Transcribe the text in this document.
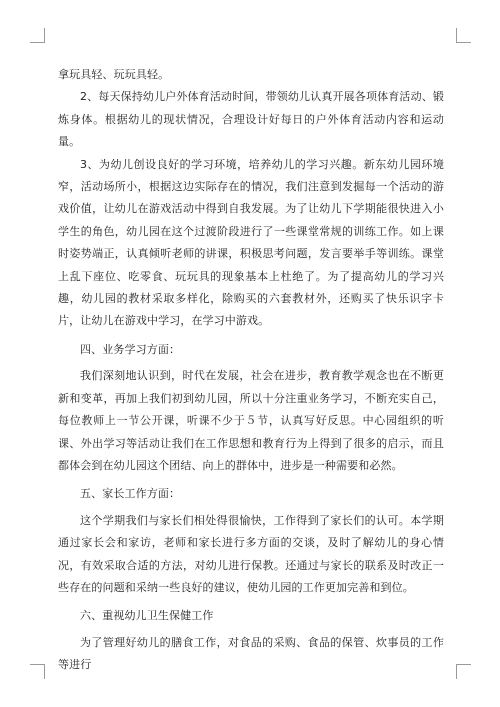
拿玩具轻、玩玩具轻。

2、每天保持幼儿户外体育活动时间，带领幼儿认真开展各项体育活动、锻炼身体。根据幼儿的现状情况，合理设计好每日的户外体育活动内容和运动量。

3、为幼儿创设良好的学习环境，培养幼儿的学习兴趣。新东幼儿园环境窄，活动场所小，根据这边实际存在的情况，我们注意到发掘每一个活动的游戏价值，让幼儿在游戏活动中得到自我发展。为了让幼儿下学期能很快进入小学生的角色，幼儿园在这个过渡阶段进行了一些课堂常规的训练工作。如上课时姿势端正，认真倾听老师的讲课，积极思考问题，发言要举手等训练。课堂上乱下座位、吃零食、玩玩具的现象基本上杜绝了。为了提高幼儿的学习兴趣，幼儿园的教材采取多样化，除购买的六套教材外，还购买了快乐识字卡片，让幼儿在游戏中学习，在学习中游戏。

四、业务学习方面：

我们深刻地认识到，时代在发展，社会在进步，教育教学观念也在不断更新和变革，再加上我们初到幼儿园，所以十分注重业务学习，不断充实自己，每位教师上一节公开课，听课不少于５节，认真写好反思。中心园组织的听课、外出学习等活动让我们在工作思想和教育行为上得到了很多的启示，而且都体会到在幼儿园这个团结、向上的群体中，进步是一种需要和必然。

五、家长工作方面：

这个学期我们与家长们相处得很愉快，工作得到了家长们的认可。本学期通过家长会和家访，老师和家长进行多方面的交谈，及时了解幼儿的身心情况，有效采取合适的方法，对幼儿进行保教。还通过与家长的联系及时改正一些存在的问题和采纳一些良好的建议，使幼儿园的工作更加完善和到位。

六、重视幼儿卫生保健工作

为了管理好幼儿的膳食工作，对食品的采购、食品的保管、炊事员的工作等进行
